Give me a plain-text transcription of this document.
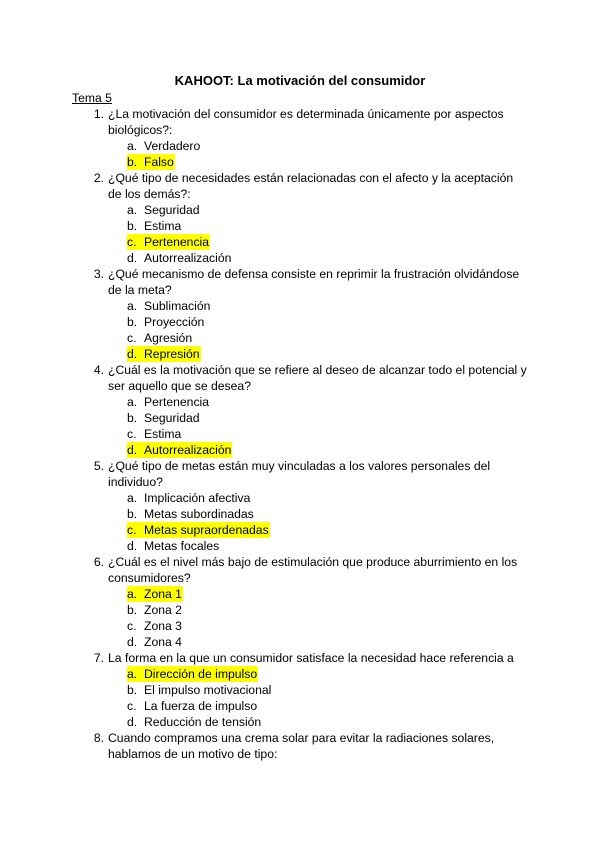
KAHOOT: La motivación del consumidor
Tema 5
1. ¿La motivación del consumidor es determinada únicamente por aspectos biológicos?:
a. Verdadero
b. Falso
2. ¿Qué tipo de necesidades están relacionadas con el afecto y la aceptación de los demás?:
a. Seguridad
b. Estima
c. Pertenencia
d. Autorrealización
3. ¿Qué mecanismo de defensa consiste en reprimir la frustración olvidándose de la meta?
a. Sublimación
b. Proyección
c. Agresión
d. Represión
4. ¿Cuál es la motivación que se refiere al deseo de alcanzar todo el potencial y ser aquello que se desea?
a. Pertenencia
b. Seguridad
c. Estima
d. Autorrealización
5. ¿Qué tipo de metas están muy vinculadas a los valores personales del individuo?
a. Implicación afectiva
b. Metas subordinadas
c. Metas supraordenadas
d. Metas focales
6. ¿Cuál es el nivel más bajo de estimulación que produce aburrimiento en los consumidores?
a. Zona 1
b. Zona 2
c. Zona 3
d. Zona 4
7. La forma en la que un consumidor satisface la necesidad hace referencia a
a. Dirección de impulso
b. El impulso motivacional
c. La fuerza de impulso
d. Reducción de tensión
8. Cuando compramos una crema solar para evitar la radiaciones solares, hablamos de un motivo de tipo:
